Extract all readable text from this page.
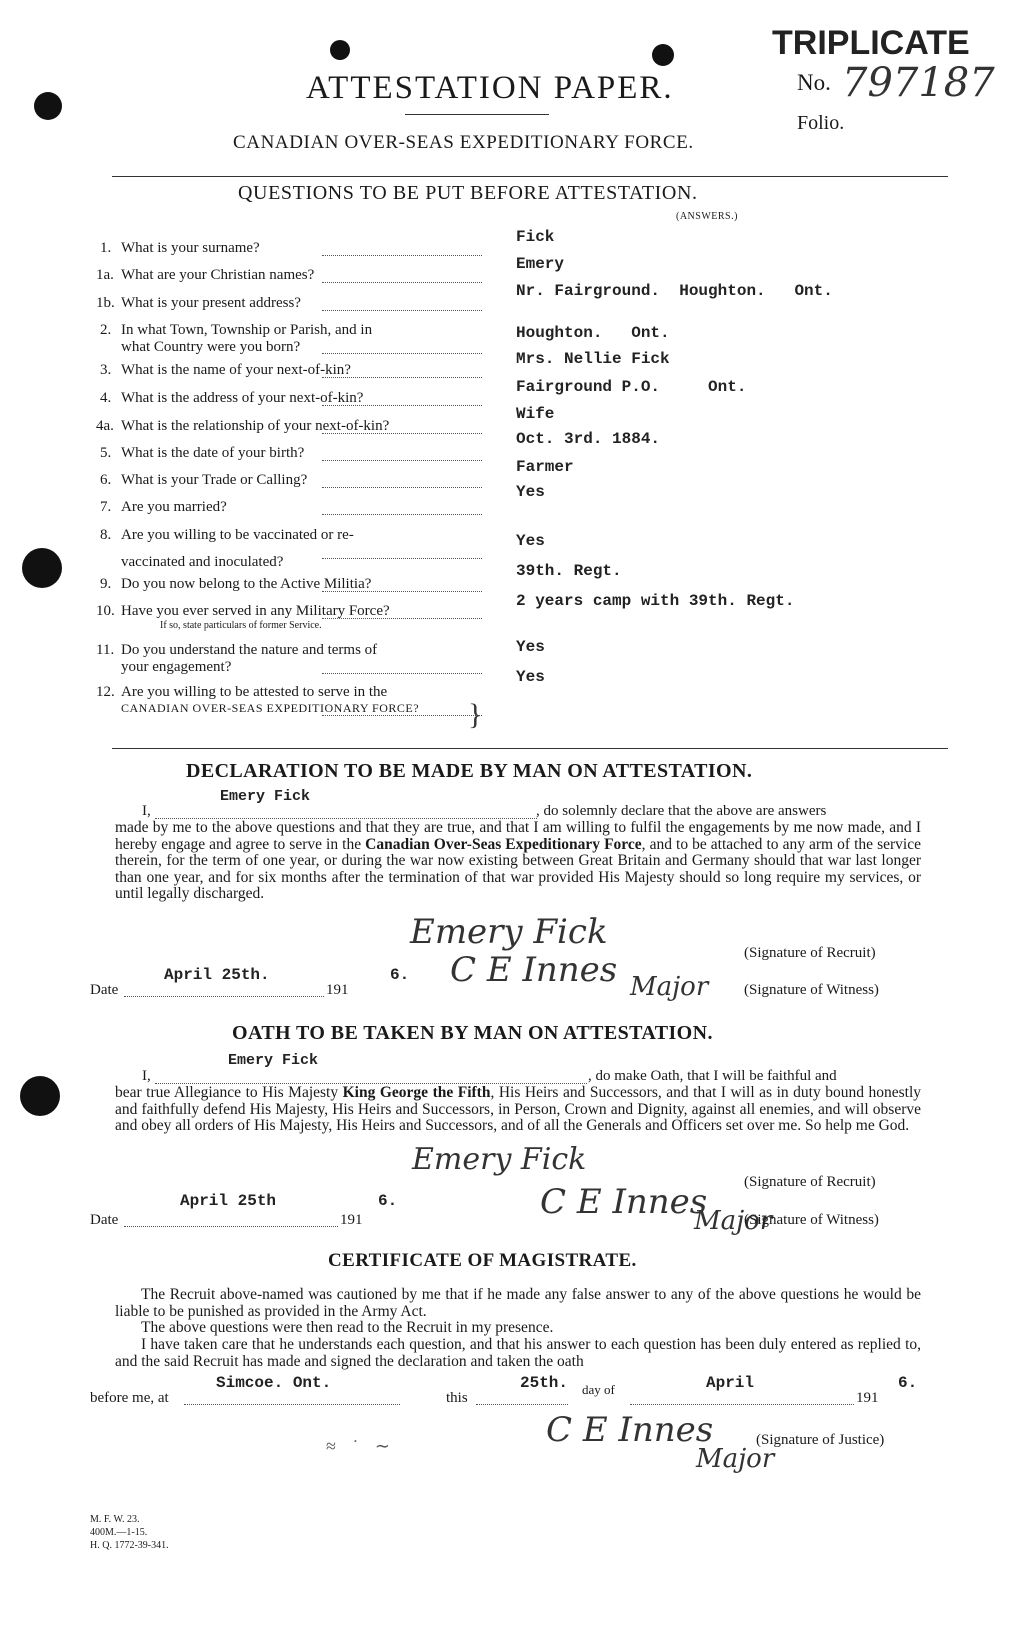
ATTESTATION PAPER.
CANADIAN OVER-SEAS EXPEDITIONARY FORCE.
TRIPLICATE
No. 797187
Folio.
QUESTIONS TO BE PUT BEFORE ATTESTATION.
(ANSWERS.)
1. What is your surname?
Fick
1a. What are your Christian names?
Emery
1b. What is your present address?
Nr. Fairground.  Houghton.   Ont.
2. In what Town, Township or Parish, and in
what Country were you born?
Houghton.   Ont.
3. What is the name of your next-of-kin?
Mrs. Nellie Fick
4. What is the address of your next-of-kin?
Fairground P.O.     Ont.
4a. What is the relationship of your next-of-kin?
Wife
5. What is the date of your birth?
Oct. 3rd. 1884.
6. What is your Trade or Calling?
Farmer
7. Are you married?
Yes
8. Are you willing to be vaccinated or re-
vaccinated and inoculated?
Yes
9. Do you now belong to the Active Militia?
39th. Regt.
10. Have you ever served in any Military Force?
If so, state particulars of former Service.
2 years camp with 39th. Regt.
11. Do you understand the nature and terms of
your engagement?
Yes
12. Are you willing to be attested to serve in the
CANADIAN OVER-SEAS EXPEDITIONARY FORCE?
Yes
}
DECLARATION TO BE MADE BY MAN ON ATTESTATION.
I,
Emery Fick
, do solemnly declare that the above are answers
made by me to the above questions and that they are true, and that I am willing to fulfil the engagements by me now made, and I hereby engage and agree to serve in the Canadian Over-Seas Expeditionary Force, and to be attached to any arm of the service therein, for the term of one year, or during the war now existing between Great Britain and Germany should that war last longer than one year, and for six months after the termination of that war provided His Majesty should so long require my services, or until legally discharged.
Emery Fick
(Signature of Recruit)
Date
April 25th.
191
6. C E Innes Major (Signature of Witness)
OATH TO BE TAKEN BY MAN ON ATTESTATION.
I,
Emery Fick
, do make Oath, that I will be faithful and
bear true Allegiance to His Majesty King George the Fifth, His Heirs and Successors, and that I will as in duty bound honestly and faithfully defend His Majesty, His Heirs and Successors, in Person, Crown and Dignity, against all enemies, and will observe and obey all orders of His Majesty, His Heirs and Successors, and of all the Generals and Officers set over me. So help me God.
Emery Fick
(Signature of Recruit)
Date
April 25th
191
6.	C E Innes
Major
(Signature of Witness)
CERTIFICATE OF MAGISTRATE.
The Recruit above-named was cautioned by me that if he made any false answer to any of the above questions he would be liable to be punished as provided in the Army Act.
The above questions were then read to the Recruit in my presence.
I have taken care that he understands each question, and that his answer to each question has been duly entered as replied to, and the said Recruit has made and signed the declaration and taken the oath
before me, at
Simcoe. Ont.
this
25th. day of	April
191
6.
C E Innes
Major
(Signature of Justice)
≈ ˙ ∼
M. F. W. 23.
400M.—1-15.
H. Q. 1772-39-341.
